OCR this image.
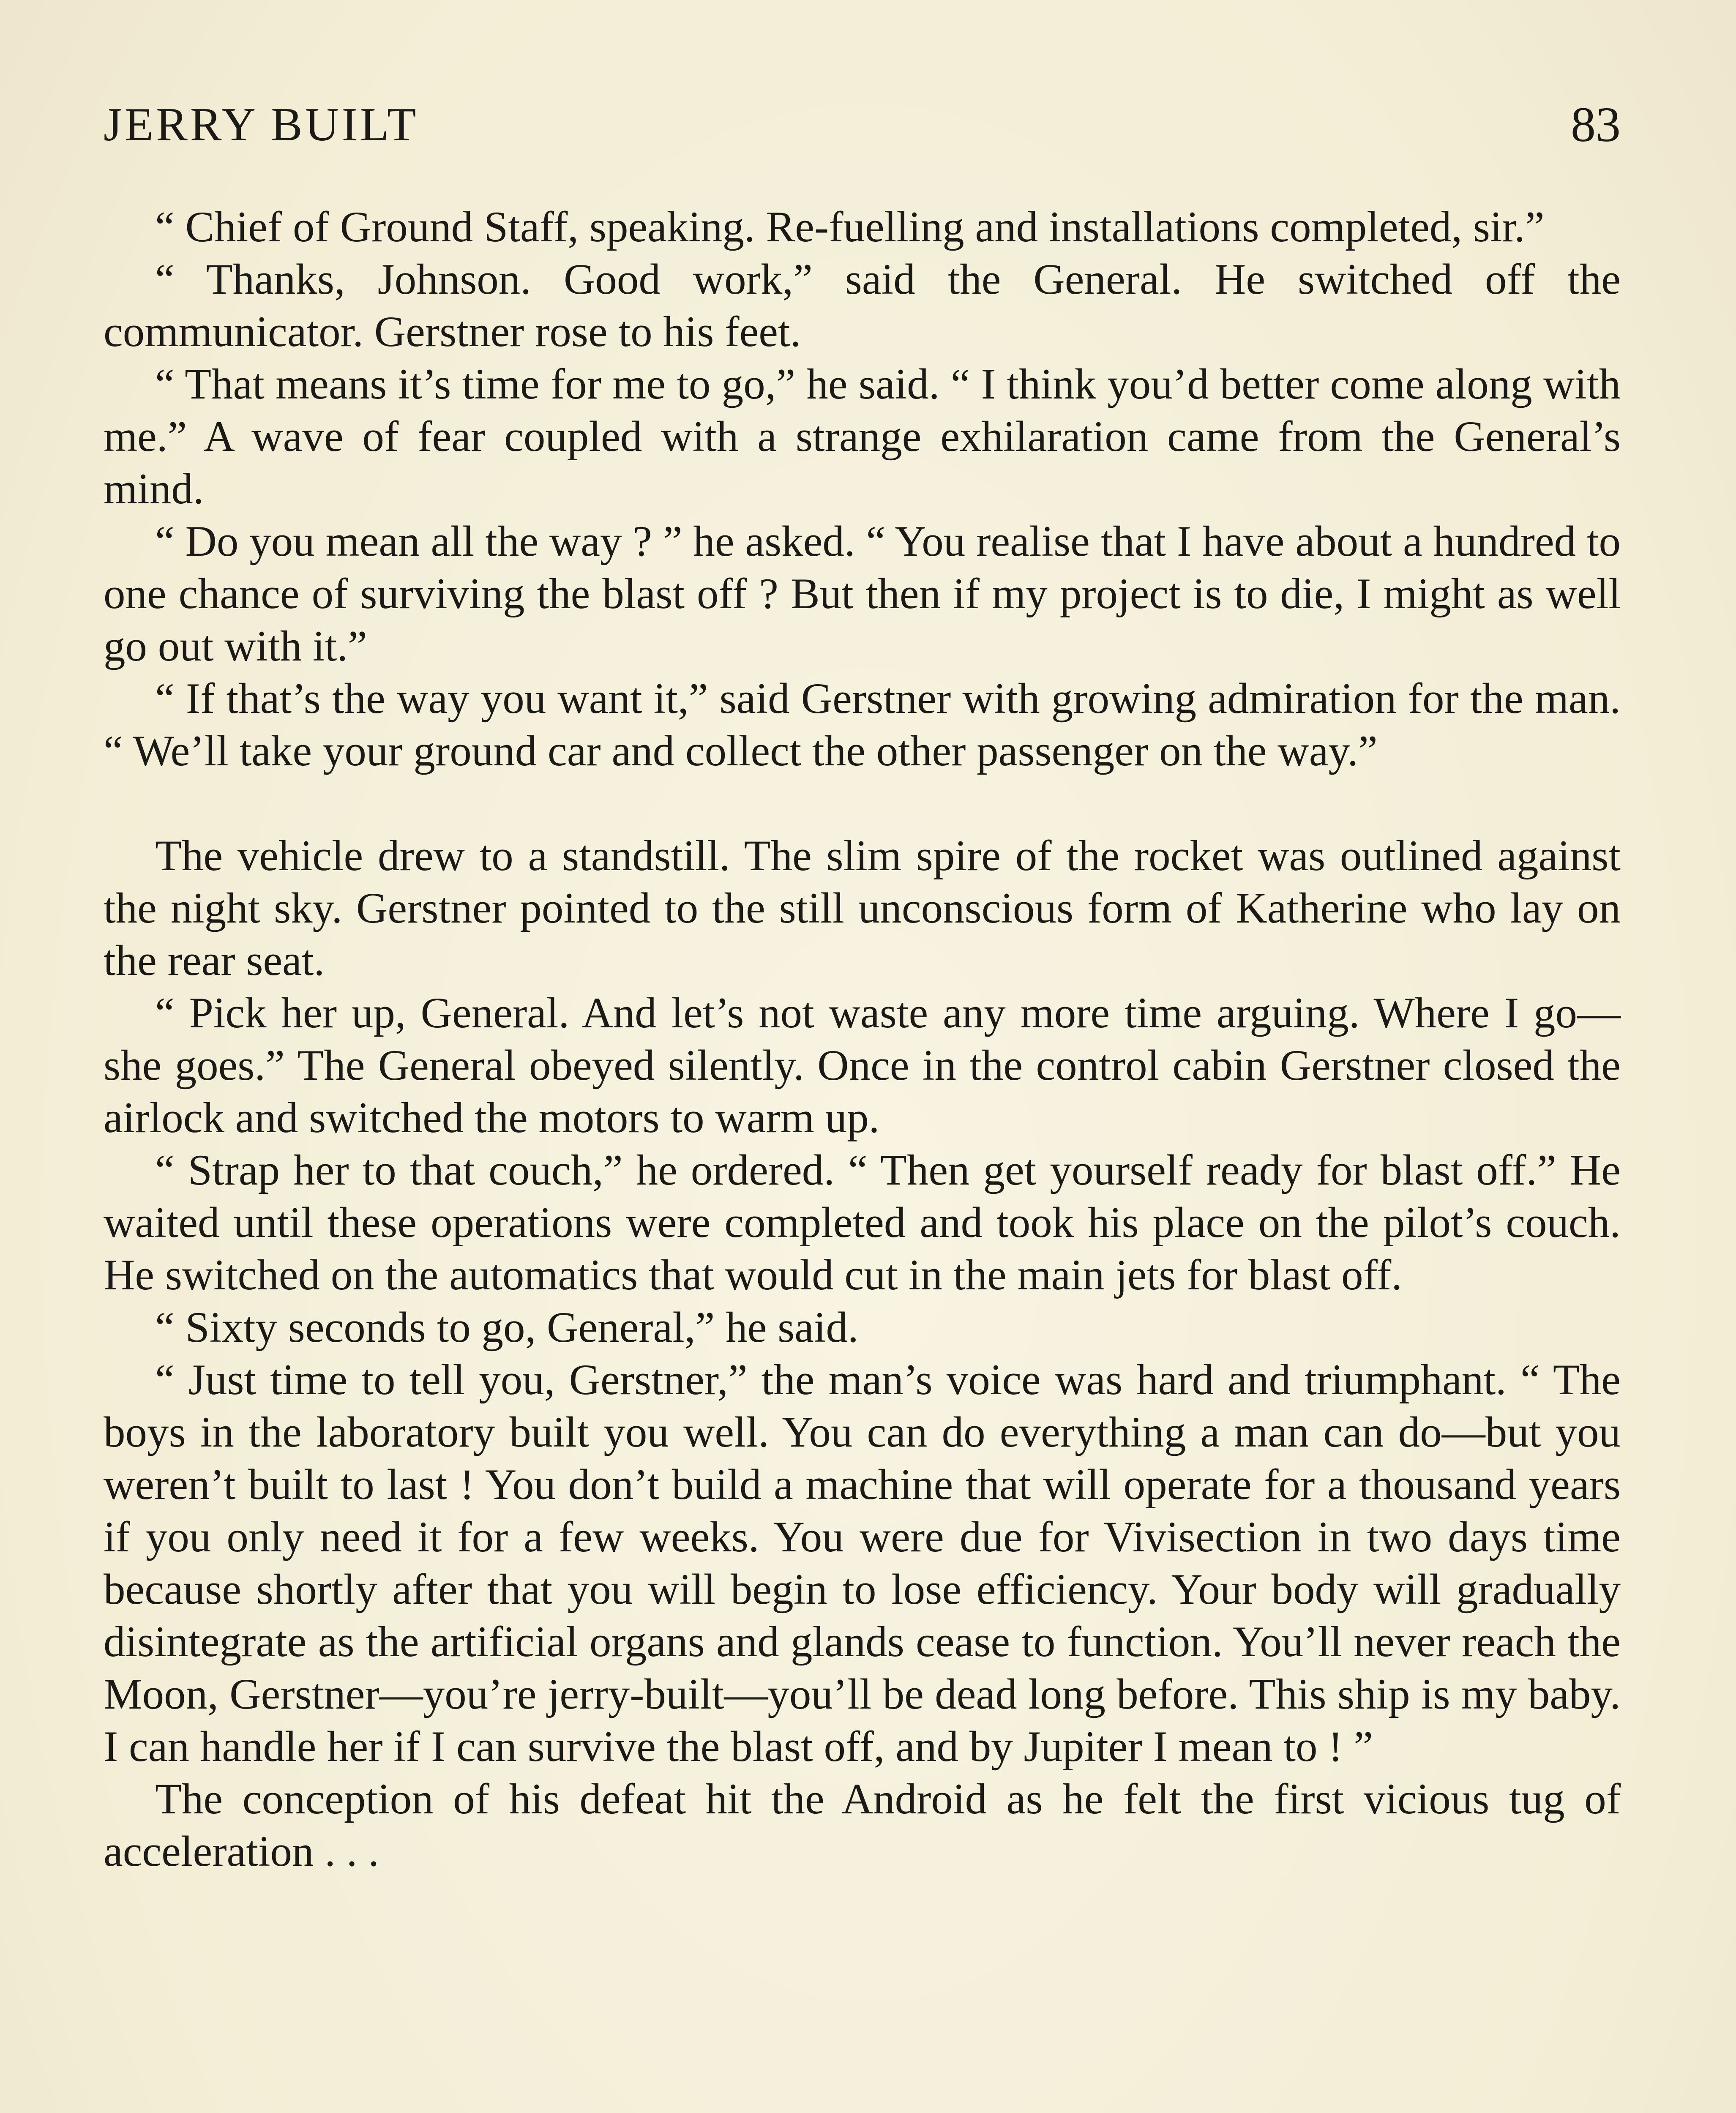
JERRY BUILT	83

“ Chief of Ground Staff, speaking. Re-fuelling and installations completed, sir.”

“ Thanks, Johnson. Good work,” said the General. He switched off the communicator. Gerstner rose to his feet.

“ That means it’s time for me to go,” he said. “ I think you’d better come along with me.” A wave of fear coupled with a strange exhilaration came from the General’s mind.

“ Do you mean all the way ? ” he asked. “ You realise that I have about a hundred to one chance of surviving the blast off ? But then if my project is to die, I might as well go out with it.”

“ If that’s the way you want it,” said Gerstner with growing admiration for the man. “ We’ll take your ground car and collect the other passenger on the way.”

The vehicle drew to a standstill. The slim spire of the rocket was outlined against the night sky. Gerstner pointed to the still unconscious form of Katherine who lay on the rear seat.

“ Pick her up, General. And let’s not waste any more time arguing. Where I go—she goes.” The General obeyed silently. Once in the control cabin Gerstner closed the airlock and switched the motors to warm up.

“ Strap her to that couch,” he ordered. “ Then get yourself ready for blast off.” He waited until these operations were completed and took his place on the pilot’s couch. He switched on the automatics that would cut in the main jets for blast off.

“ Sixty seconds to go, General,” he said.

“ Just time to tell you, Gerstner,” the man’s voice was hard and triumphant. “ The boys in the laboratory built you well. You can do everything a man can do—but you weren’t built to last ! You don’t build a machine that will operate for a thousand years if you only need it for a few weeks. You were due for Vivisection in two days time because shortly after that you will begin to lose efficiency. Your body will gradually disintegrate as the artificial organs and glands cease to function. You’ll never reach the Moon, Gerstner—you’re jerry-built—you’ll be dead long before. This ship is my baby. I can handle her if I can survive the blast off, and by Jupiter I mean to ! ”

The conception of his defeat hit the Android as he felt the first vicious tug of acceleration . . .
